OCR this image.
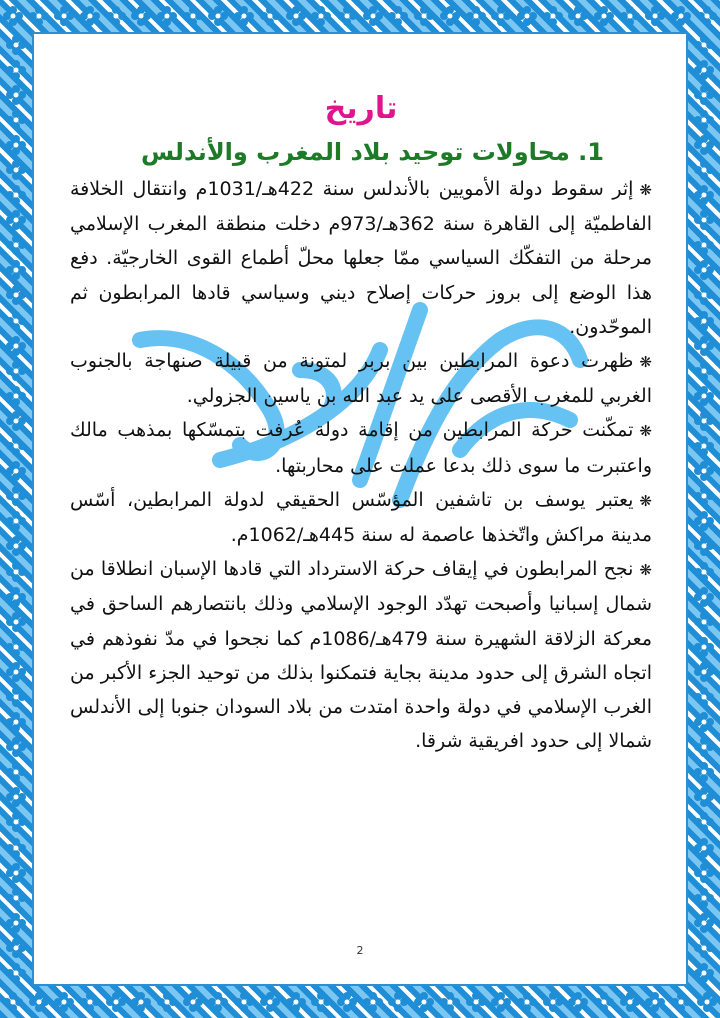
تاريخ
1. محاولات توحيد بلاد المغرب والأندلس

❋إثر سقوط دولة الأمويين بالأندلس سنة 422هـ/1031م وانتقال الخلافة الفاطميّة إلى القاهرة سنة 362هـ/973م دخلت منطقة المغرب الإسلامي مرحلة من التفكّك السياسي ممّا جعلها محلّ أطماع القوى الخارجيّة. دفع هذا الوضع إلى بروز حركات إصلاح ديني وسياسي قادها المرابطون ثم الموحّدون.

❋ظهرت دعوة المرابطين بين بربر لمتونة من قبيلة صنهاجة بالجنوب الغربي للمغرب الأقصى على يد عبد الله بن ياسين الجزولي.

❋تمكّنت حركة المرابطين من إقامة دولة عُرفت بتمسّكها بمذهب مالك واعتبرت ما سوى ذلك بدعا عملت على محاربتها.

❋يعتبر يوسف بن تاشفين المؤسّس الحقيقي لدولة المرابطين، أسّس مدينة مراكش واتّخذها عاصمة له سنة 445هـ/1062م.

❋نجح المرابطون في إيقاف حركة الاسترداد التي قادها الإسبان انطلاقا من شمال إسبانيا وأصبحت تهدّد الوجود الإسلامي وذلك بانتصارهم الساحق في معركة الزلاقة الشهيرة سنة 479هـ/1086م كما نجحوا في مدّ نفوذهم في اتجاه الشرق إلى حدود مدينة بجاية فتمكنوا بذلك من توحيد الجزء الأكبر من الغرب الإسلامي في دولة واحدة امتدت من بلاد السودان جنوبا إلى الأندلس شمالا إلى حدود افريقية شرقا.

2
